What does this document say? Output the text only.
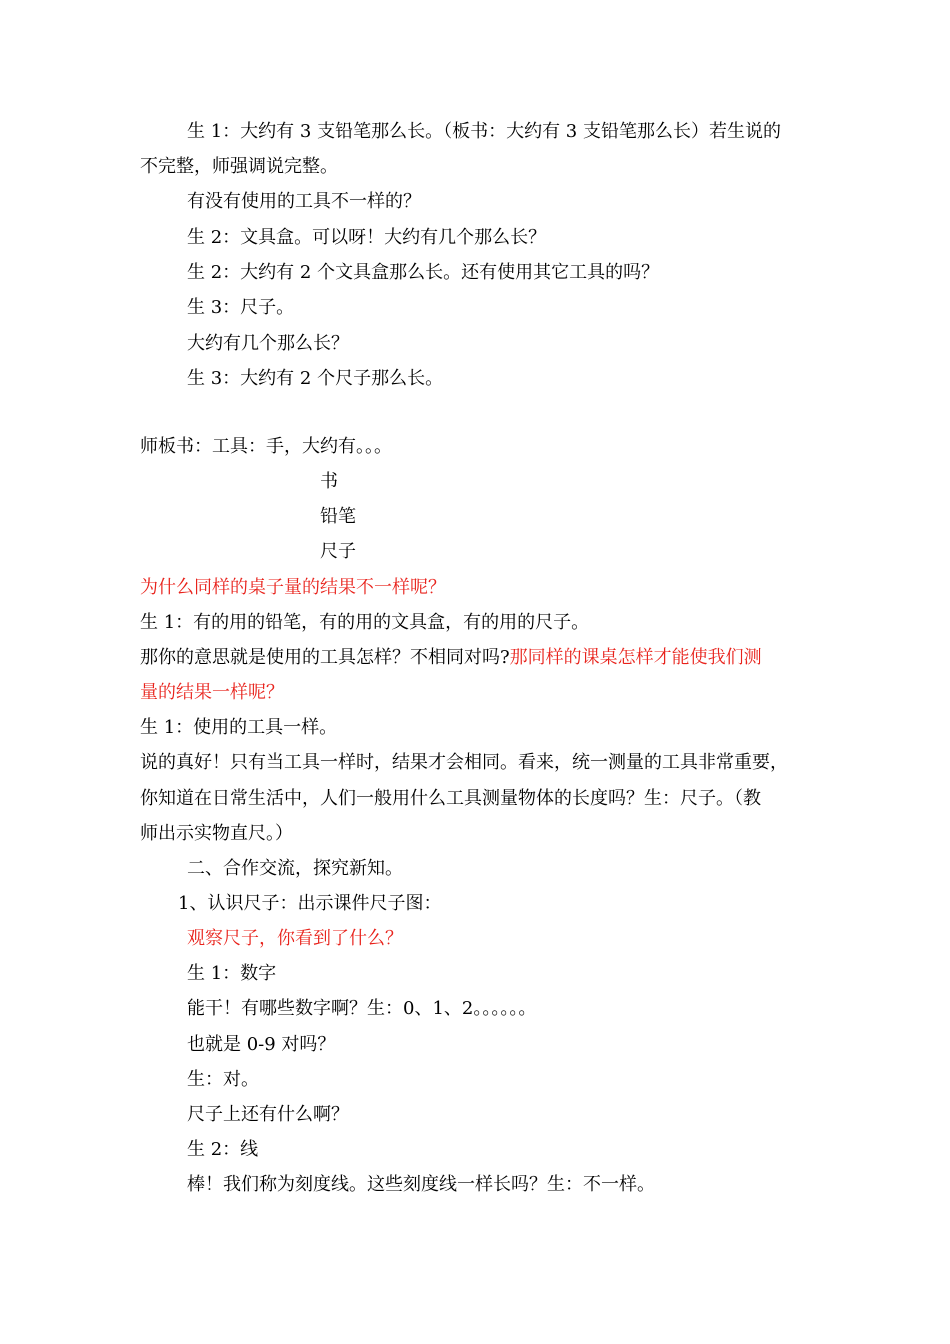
生 1：大约有 3 支铅笔那么长。（板书：大约有 3 支铅笔那么长）若生说的
不完整，师强调说完整。
有没有使用的工具不一样的？
生 2：文具盒。可以呀！大约有几个那么长？
生 2：大约有 2 个文具盒那么长。还有使用其它工具的吗？
生 3：尺子。
大约有几个那么长？
生 3：大约有 2 个尺子那么长。
师板书：工具：手，大约有。。。
书
铅笔
尺子
为什么同样的桌子量的结果不一样呢？
生 1：有的用的铅笔，有的用的文具盒，有的用的尺子。
那你的意思就是使用的工具怎样？不相同对吗?那同样的课桌怎样才能使我们测
量的结果一样呢？
生 1：使用的工具一样。
说的真好！只有当工具一样时，结果才会相同。看来，统一测量的工具非常重要，
你知道在日常生活中，人们一般用什么工具测量物体的长度吗？生：尺子。（教
师出示实物直尺。）
二、合作交流，探究新知。
1、认识尺子：出示课件尺子图：
观察尺子，你看到了什么？
生 1：数字
能干！有哪些数字啊？生：0、1、2。。。。。。
也就是 0-9 对吗？
生：对。
尺子上还有什么啊？
生 2：线
棒！我们称为刻度线。这些刻度线一样长吗？生：不一样。
